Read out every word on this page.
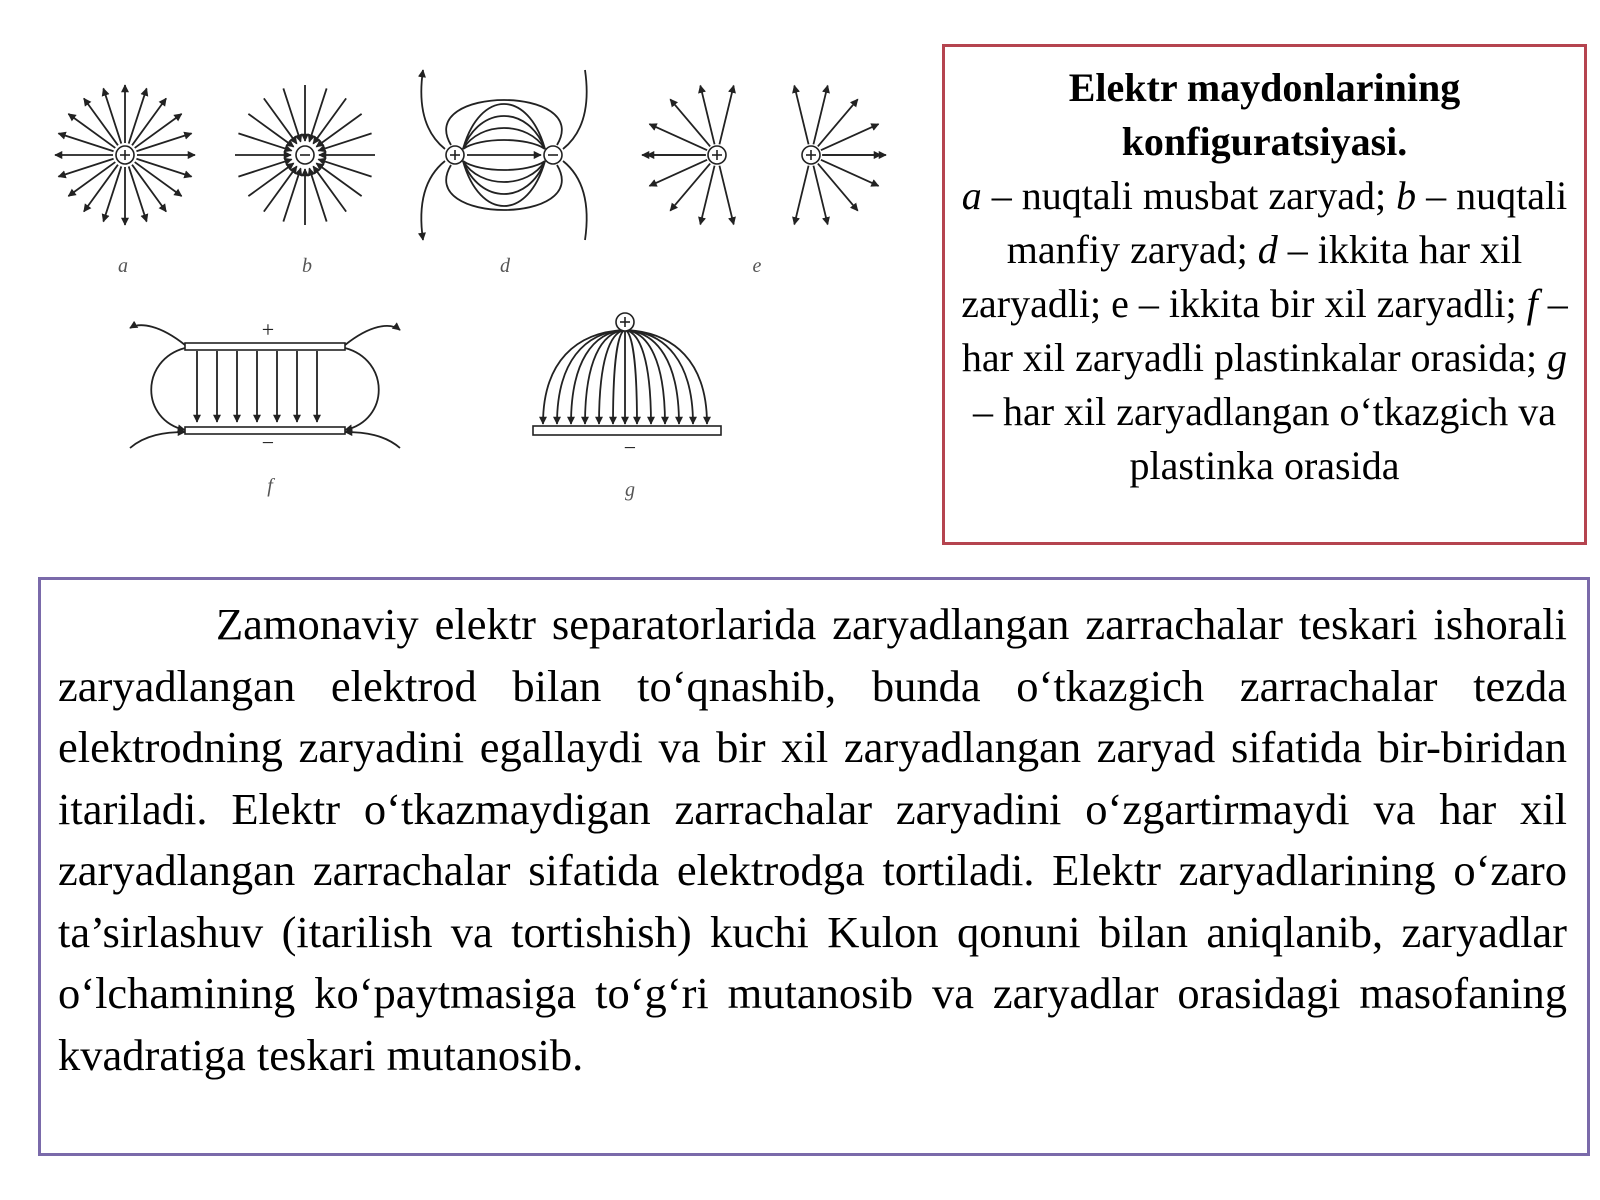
a	b	d	e
f	g
+
−	−
Elektr maydonlarining
konfiguratsiyasi.
a – nuqtali musbat zaryad; b – nuqtali manfiy zaryad; d – ikkita har xil zaryadli; e – ikkita bir xil zaryadli; f – har xil zaryadli plastinkalar orasida; g – har xil zaryadlangan o‘tkazgich va plastinka orasida
Zamonaviy elektr separatorlarida zaryadlangan zarrachalar teskari ishorali zaryadlangan elektrod bilan to‘qnashib, bunda o‘tkazgich zarrachalar tezda elektrodning zaryadini egallaydi va bir xil zaryadlangan zaryad sifatida bir-biridan itariladi. Elektr o‘tkazmaydigan zarrachalar zaryadini o‘zgartirmaydi va har xil zaryadlangan zarrachalar sifatida elektrodga tortiladi. Elektr zaryadlarining o‘zaro ta’sirlashuv (itarilish va tortishish) kuchi Kulon qonuni bilan aniqlanib, zaryadlar o‘lchamining ko‘paytmasiga to‘g‘ri mutanosib va zaryadlar orasidagi masofaning kvadratiga teskari mutanosib.
